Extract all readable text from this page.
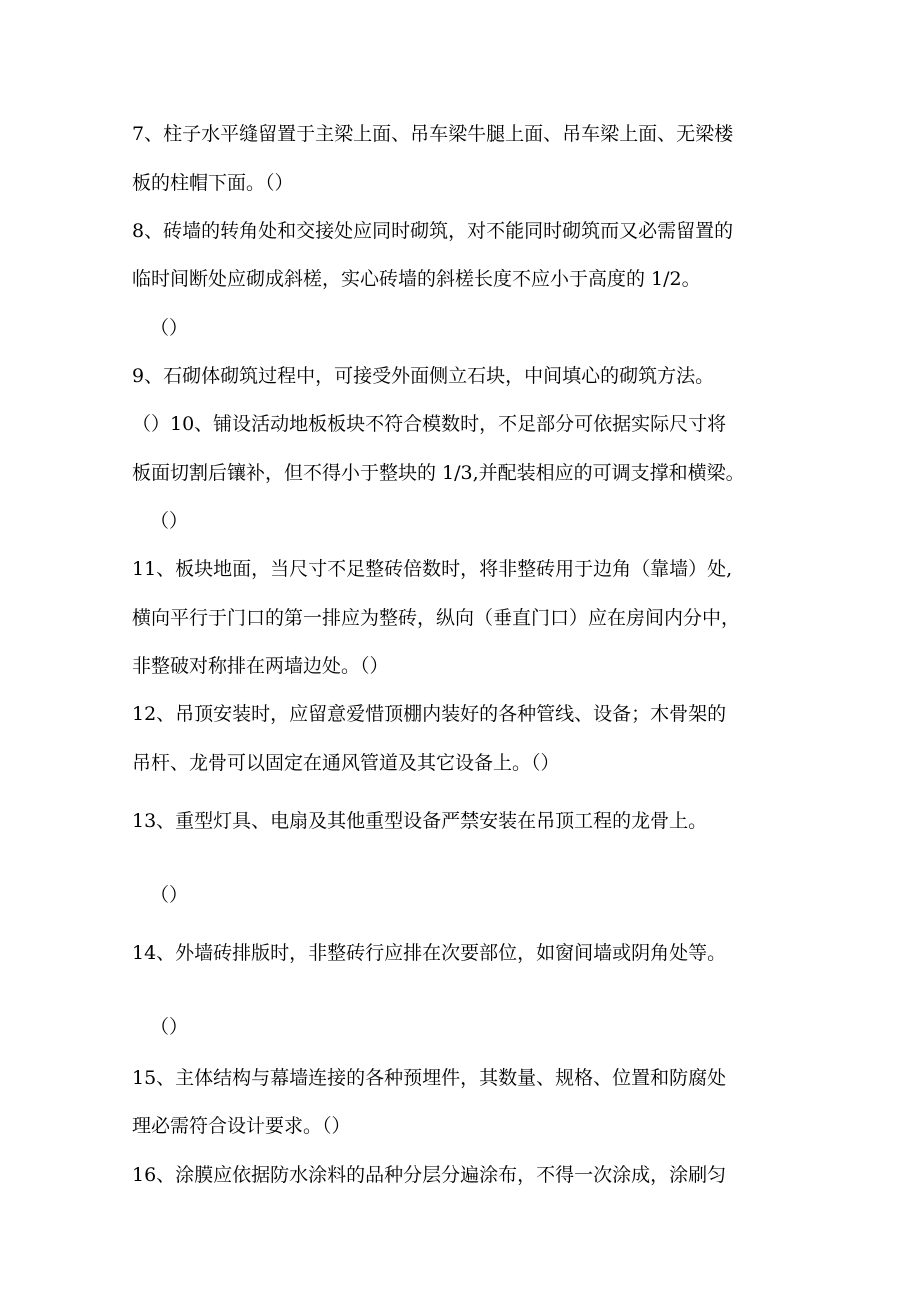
7、柱子水平缝留置于主梁上面、吊车梁牛腿上面、吊车梁上面、无梁楼
板的柱帽下面。（）
8、砖墙的转角处和交接处应同时砌筑，对不能同时砌筑而又必需留置的
临时间断处应砌成斜槎，实心砖墙的斜槎长度不应小于高度的 1/2。
（）
9、石砌体砌筑过程中，可接受外面侧立石块，中间填心的砌筑方法。
（）10、铺设活动地板板块不符合模数时，不足部分可依据实际尺寸将
板面切割后镶补，但不得小于整块的 1/3,并配装相应的可调支撑和横梁。
（）
11、板块地面，当尺寸不足整砖倍数时，将非整砖用于边角（靠墙）处,
横向平行于门口的第一排应为整砖，纵向（垂直门口）应在房间内分中，
非整破对称排在两墙边处。（）
12、吊顶安装时，应留意爱惜顶棚内装好的各种管线、设备；木骨架的
吊杆、龙骨可以固定在通风管道及其它设备上。（）
13、重型灯具、电扇及其他重型设备严禁安装在吊顶工程的龙骨上。
（）
14、外墙砖排版时，非整砖行应排在次要部位，如窗间墙或阴角处等。
（）
15、主体结构与幕墙连接的各种预埋件，其数量、规格、位置和防腐处
理必需符合设计要求。（）
16、涂膜应依据防水涂料的品种分层分遍涂布，不得一次涂成，涂刷匀
